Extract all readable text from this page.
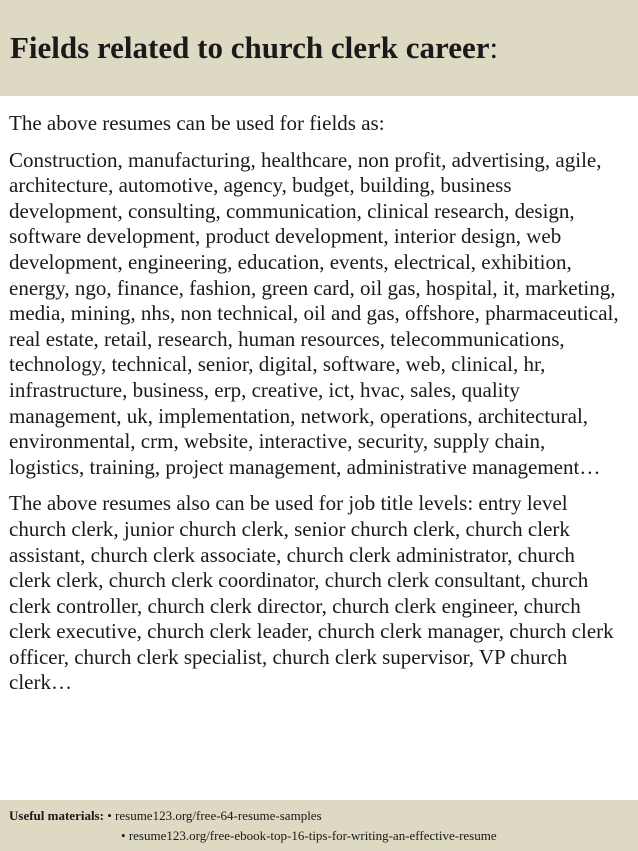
Fields related to church clerk career:

The above resumes can be used for fields as:

Construction, manufacturing, healthcare, non profit, advertising, agile,
architecture, automotive, agency, budget, building, business
development, consulting, communication, clinical research, design,
software development, product development, interior design, web
development, engineering, education, events, electrical, exhibition,
energy, ngo, finance, fashion, green card, oil gas, hospital, it, marketing,
media, mining, nhs, non technical, oil and gas, offshore, pharmaceutical,
real estate, retail, research, human resources, telecommunications,
technology, technical, senior, digital, software, web, clinical, hr,
infrastructure, business, erp, creative, ict, hvac, sales, quality
management, uk, implementation, network, operations, architectural,
environmental, crm, website, interactive, security, supply chain,
logistics, training, project management, administrative management…

The above resumes also can be used for job title levels: entry level
church clerk, junior church clerk, senior church clerk, church clerk
assistant, church clerk associate, church clerk administrator, church
clerk clerk, church clerk coordinator, church clerk consultant, church
clerk controller, church clerk director, church clerk engineer, church
clerk executive, church clerk leader, church clerk manager, church clerk
officer, church clerk specialist, church clerk supervisor, VP church
clerk…

Useful materials: • resume123.org/free-64-resume-samples
• resume123.org/free-ebook-top-16-tips-for-writing-an-effective-resume
